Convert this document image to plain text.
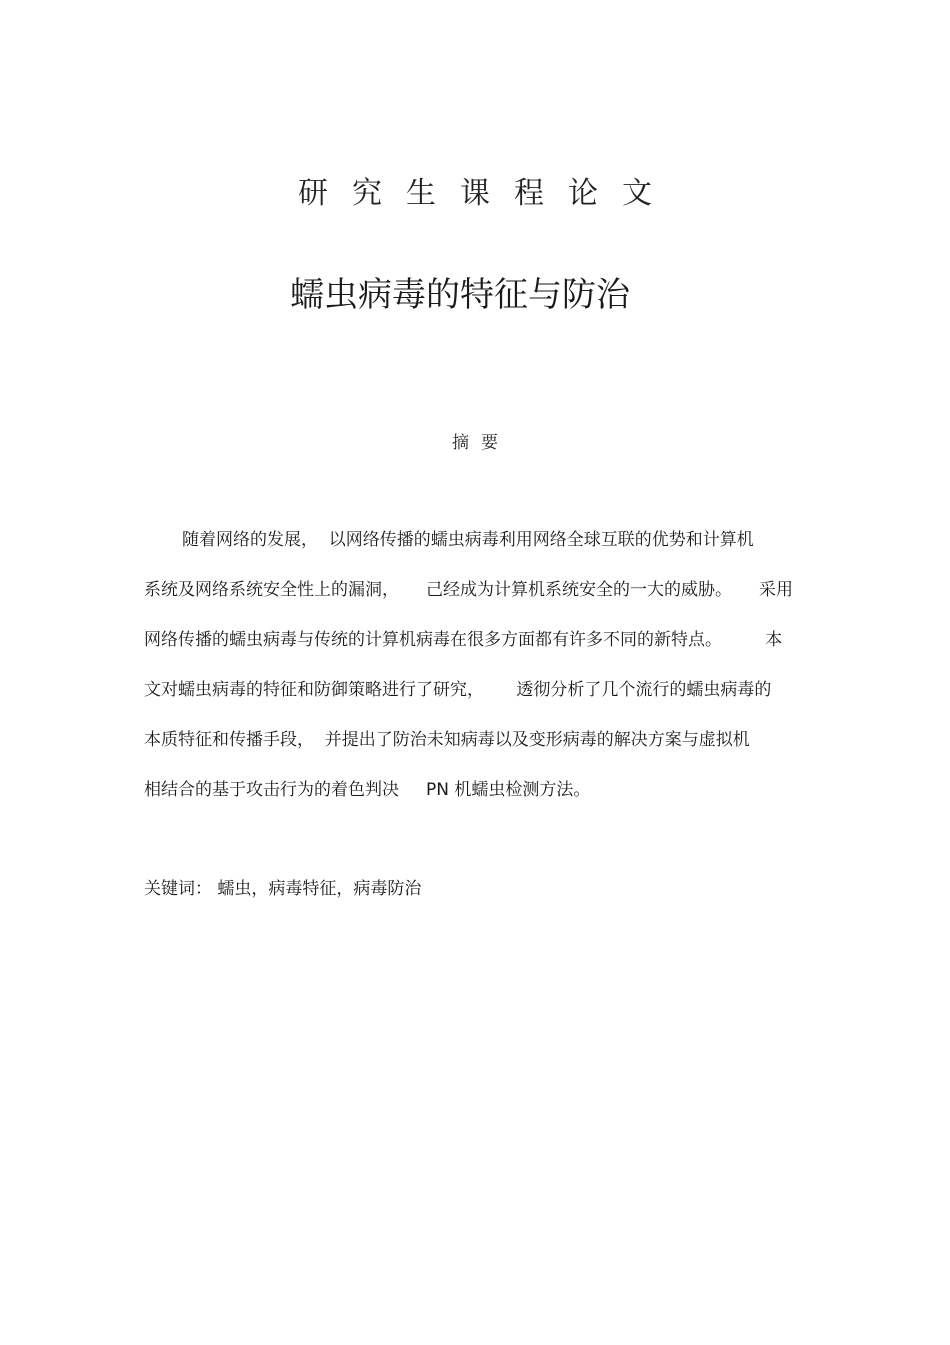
研究生课程论文
蠕虫病毒的特征与防治
摘要
随着网络的发展，  以网络传播的蠕虫病毒利用网络全球互联的优势和计算机
系统及网络系统安全性上的漏洞，     己经成为计算机系统安全的一大的威胁。     采用
网络传播的蠕虫病毒与传统的计算机病毒在很多方面都有许多不同的新特点。        本
文对蠕虫病毒的特征和防御策略进行了研究，      透彻分析了几个流行的蠕虫病毒的
本质特征和传播手段，  并提出了防治未知病毒以及变形病毒的解决方案与虚拟机
相结合的基于攻击行为的着色判决     PN 机蠕虫检测方法。
关键词： 蠕虫，病毒特征，病毒防治
